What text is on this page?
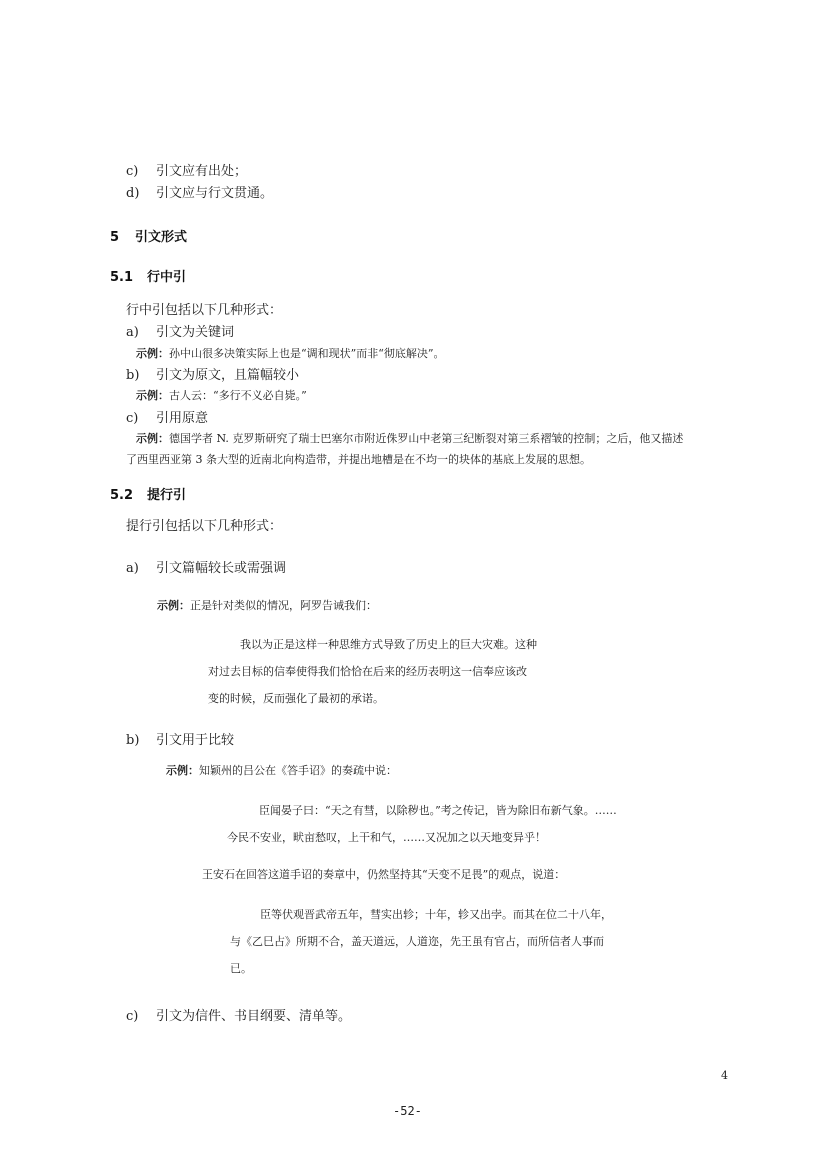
c) 引文应有出处；
d) 引文应与行文贯通。
5 引文形式
5.1 行中引
行中引包括以下几种形式：
a) 引文为关键词
示例：孙中山很多决策实际上也是“调和现状”而非“彻底解决”。
b) 引文为原文，且篇幅较小
示例：古人云：“多行不义必自毙。”
c) 引用原意
示例：德国学者 N. 克罗斯研究了瑞士巴塞尔市附近侏罗山中老第三纪断裂对第三系褶皱的控制；之后，他又描述
了西里西亚第 3 条大型的近南北向构造带，并提出地槽是在不均一的块体的基底上发展的思想。
5.2 提行引
提行引包括以下几种形式：
a) 引文篇幅较长或需强调
示例：正是针对类似的情况，阿罗告诫我们：
我以为正是这样一种思维方式导致了历史上的巨大灾难。这种
对过去目标的信奉使得我们恰恰在后来的经历表明这一信奉应该改
变的时候，反而强化了最初的承诺。
b) 引文用于比较
示例：知颖州的吕公在《答手诏》的奏疏中说：
臣闻晏子曰：“天之有彗，以除秽也。”考之传记，皆为除旧布新气象。……
今民不安业，畎亩愁叹，上干和气，……又况加之以天地变异乎！
王安石在回答这道手诏的奏章中，仍然坚持其“天变不足畏”的观点，说道：
臣等伏观晋武帝五年，彗实出轸；十年，轸又出孛。而其在位二十八年，
与《乙巳占》所期不合，盖天道远，人道迩，先王虽有官占，而所信者人事而
已。
c) 引文为信件、书目纲要、清单等。
4
-52-
